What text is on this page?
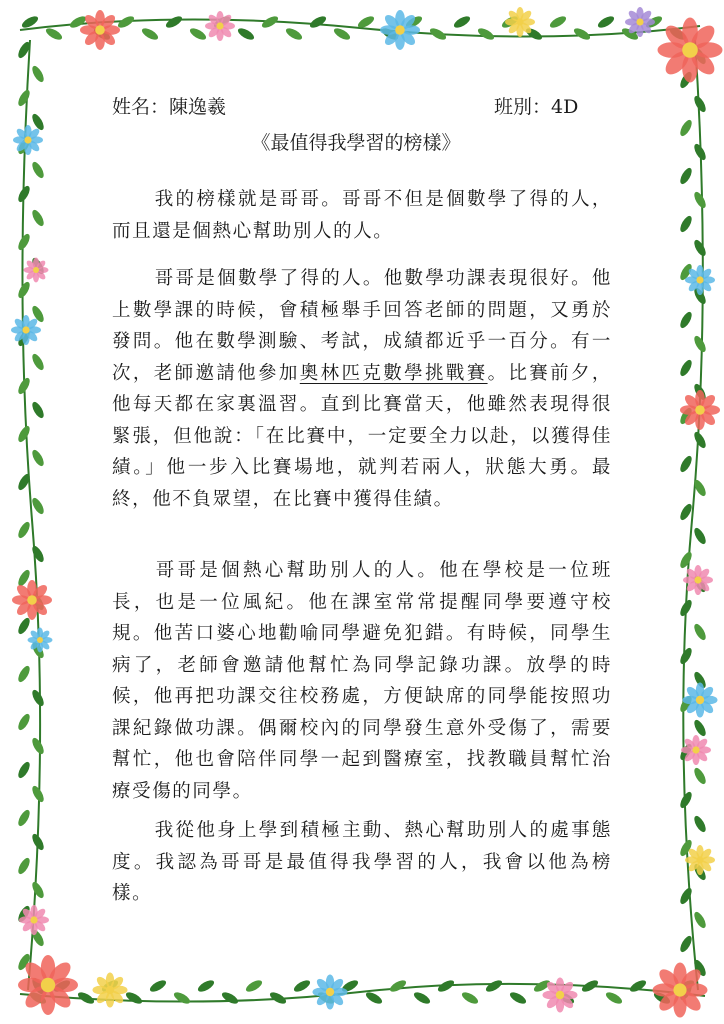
姓名：陳逸羲	班別：4D
《最值得我學習的榜樣》

我的榜樣就是哥哥。哥哥不但是個數學了得的人，而且還是個熱心幫助別人的人。

哥哥是個數學了得的人。他數學功課表現很好。他上數學課的時候，會積極舉手回答老師的問題，又勇於發問。他在數學測驗、考試，成績都近乎一百分。有一次，老師邀請他參加奧林匹克數學挑戰賽。比賽前夕，他每天都在家裏溫習。直到比賽當天，他雖然表現得很緊張，但他說：「在比賽中，一定要全力以赴，以獲得佳績。」他一步入比賽場地，就判若兩人，狀態大勇。最終，他不負眾望，在比賽中獲得佳績。

哥哥是個熱心幫助別人的人。他在學校是一位班長，也是一位風紀。他在課室常常提醒同學要遵守校規。他苦口婆心地勸喻同學避免犯錯。有時候，同學生病了，老師會邀請他幫忙為同學記錄功課。放學的時候，他再把功課交往校務處，方便缺席的同學能按照功課紀錄做功課。偶爾校內的同學發生意外受傷了，需要幫忙，他也會陪伴同學一起到醫療室，找教職員幫忙治療受傷的同學。

我從他身上學到積極主動、熱心幫助別人的處事態度。我認為哥哥是最值得我學習的人，我會以他為榜樣。
